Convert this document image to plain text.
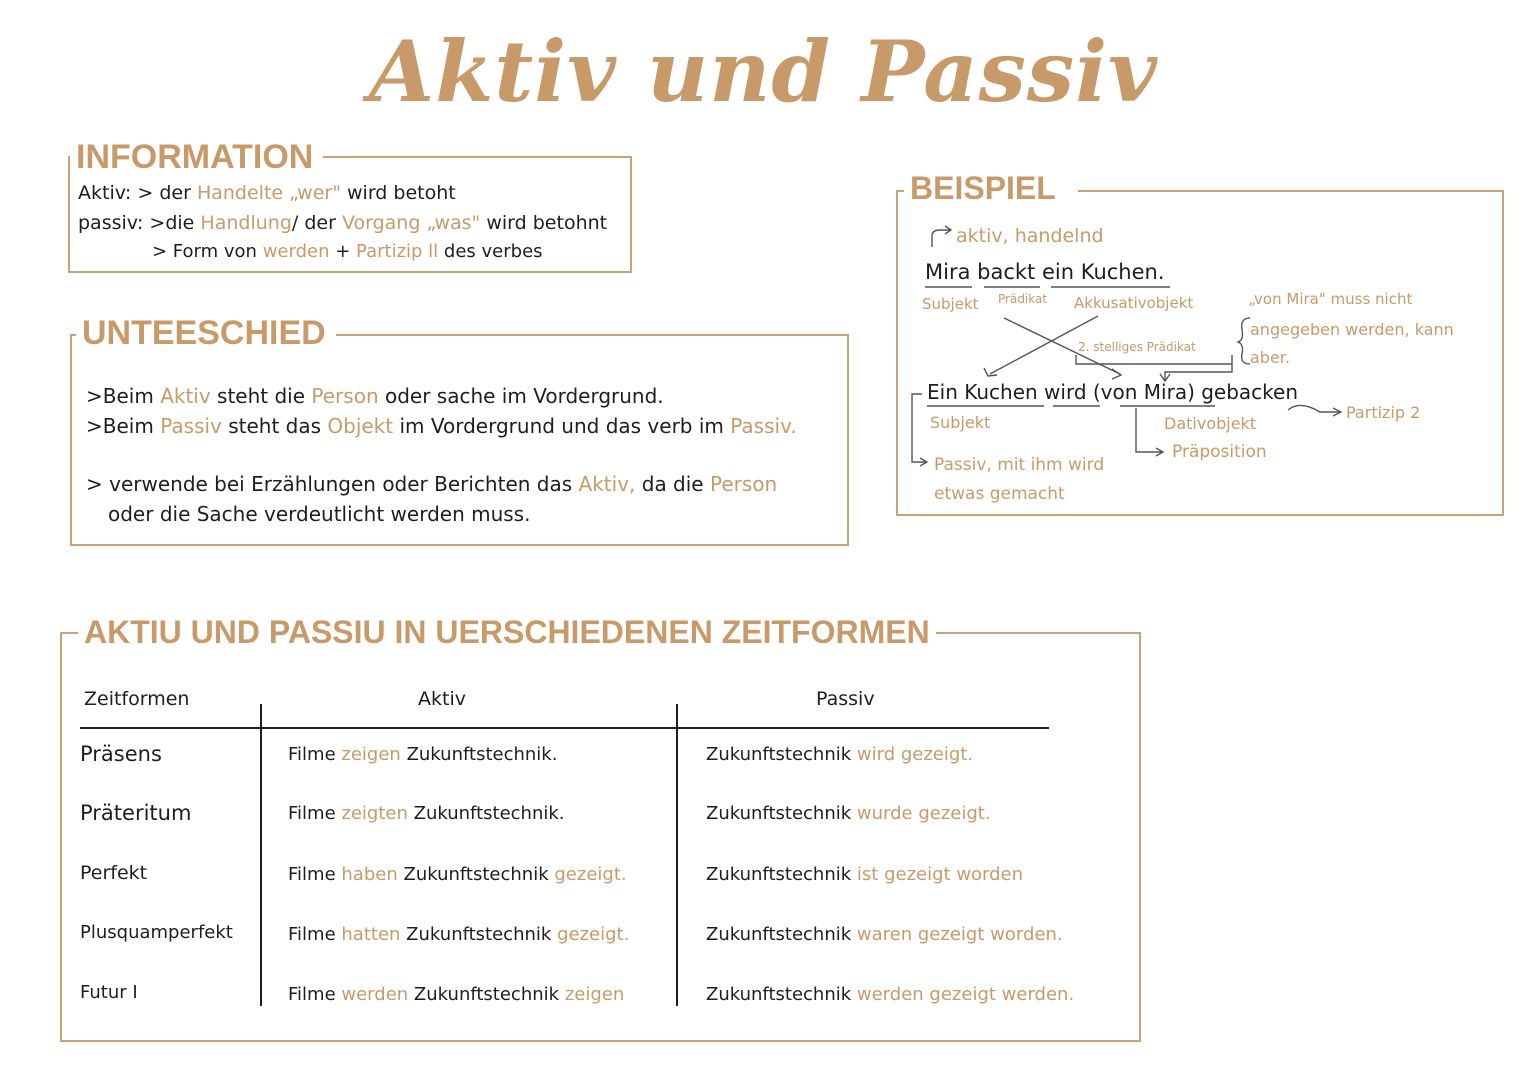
Aktiv und Passiv
INFORMATION
Aktiv: > der Handelte „wer" wird betoht
passiv: >die Handlung/ der Vorgang „was" wird betohnt
> Form von werden + Partizip ll des verbes
UNTEESCHIED
>Beim Aktiv steht die Person oder sache im Vordergrund.
>Beim Passiv steht das Objekt im Vordergrund und das verb im Passiv.
> verwende bei Erzählungen oder Berichten das Aktiv, da die Person
oder die Sache verdeutlicht werden muss.
BEISPIEL
aktiv, handelnd
Mira backt ein Kuchen.
Subjekt Prädikat Akkusativobjekt
2. stelliges Prädikat
„von Mira" muss nicht
angegeben werden, kann
aber.
Ein Kuchen wird (von Mira) gebacken
Subjekt	Dativobjekt
Partizip 2
Präposition
Passiv, mit ihm wird
etwas gemacht
AKTIU UND PASSIU IN UERSCHIEDENEN ZEITFORMEN
Zeitformen	Aktiv	Passiv
Präsens	Filme zeigen Zukunftstechnik.	Zukunftstechnik wird gezeigt.
Präteritum	Filme zeigten Zukunftstechnik.	Zukunftstechnik wurde gezeigt.
Perfekt	Filme haben Zukunftstechnik gezeigt.	Zukunftstechnik ist gezeigt worden
Plusquamperfekt	Filme hatten Zukunftstechnik gezeigt.	Zukunftstechnik waren gezeigt worden.
Futur I	Filme werden Zukunftstechnik zeigen	Zukunftstechnik werden gezeigt werden.
